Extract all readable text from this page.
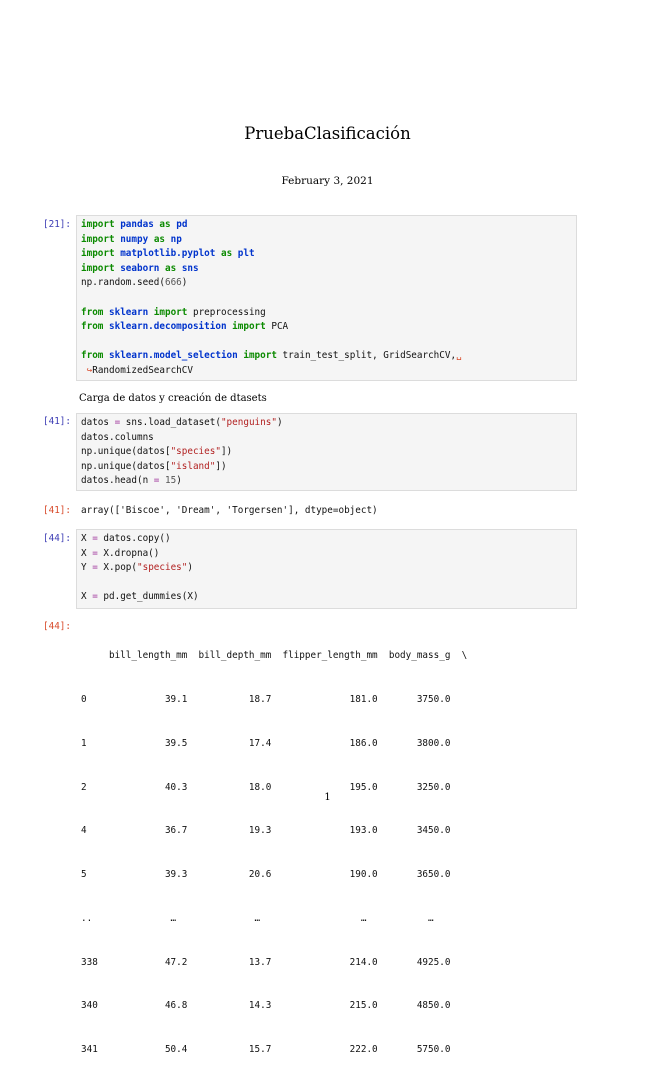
PruebaClasificación
February 3, 2021
[21]: import pandas as pd
import numpy as np
import matplotlib.pyplot as plt
import seaborn as sns
np.random.seed(666)
from sklearn import preprocessing
from sklearn.decomposition import PCA
from sklearn.model_selection import train_test_split, GridSearchCV,␣
↪RandomizedSearchCV
Carga de datos y creación de dtasets
[41]: datos = sns.load_dataset("penguins")
datos.columns
np.unique(datos["species"])
np.unique(datos["island"])
datos.head(n = 15)
[41]: array(['Biscoe', 'Dream', 'Torgersen'], dtype=object)
[44]: X = datos.copy()
X = X.dropna()
Y = X.pop("species")
X = pd.get_dummies(X)
[44]:

bill_length_mm  bill_depth_mm  flipper_length_mm  body_mass_g  \

0              39.1           18.7              181.0       3750.0

1              39.5           17.4              186.0       3800.0

2              40.3           18.0              195.0       3250.0

4              36.7           19.3              193.0       3450.0

5              39.3           20.6              190.0       3650.0

..              …              …                  …           …

338            47.2           13.7              214.0       4925.0

340            46.8           14.3              215.0       4850.0

341            50.4           15.7              222.0       5750.0

1
